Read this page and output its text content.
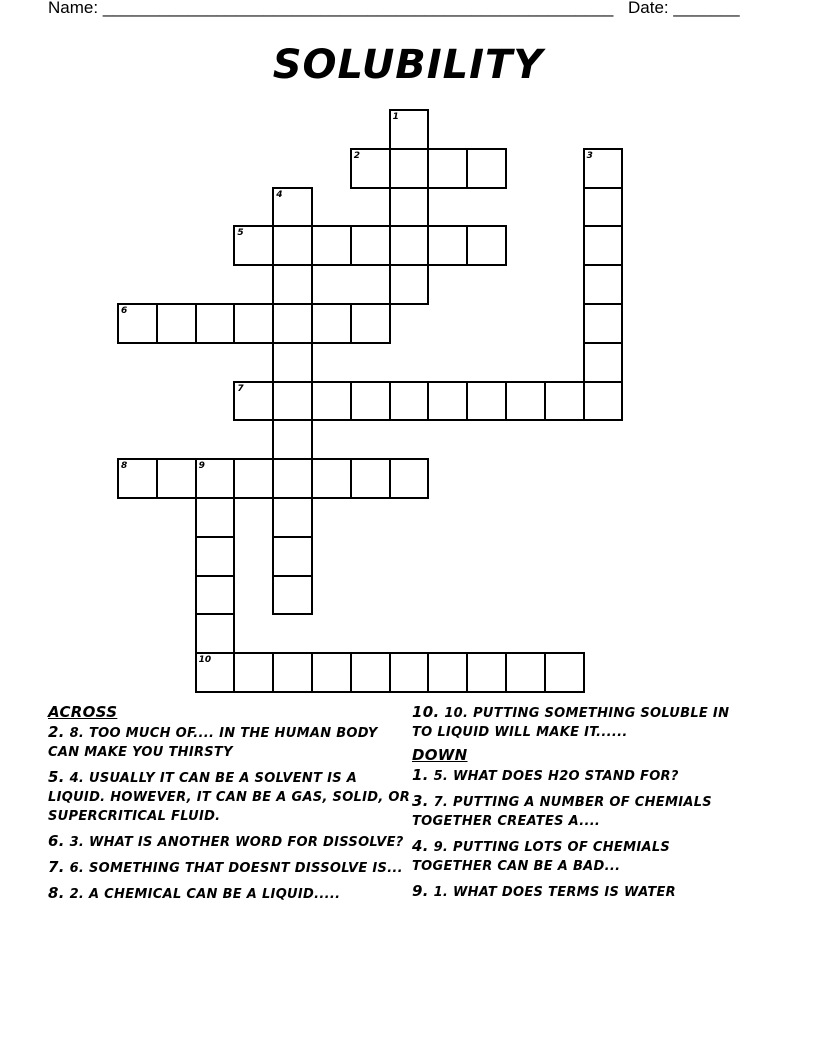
Name: ______________________________________________________ Date: _______
SOLUBILITY
1
2	3
4
5
6
7
8	9
10
ACROSS
2. 8. TOO MUCH OF.... IN THE HUMAN BODY CAN MAKE YOU THIRSTY
5. 4. USUALLY IT CAN BE A SOLVENT IS A LIQUID. HOWEVER, IT CAN BE A GAS, SOLID, OR SUPERCRITICAL FLUID.
6. 3. WHAT IS ANOTHER WORD FOR DISSOLVE?
7. 6. SOMETHING THAT DOESNT DISSOLVE IS...
8. 2. A CHEMICAL CAN BE A LIQUID.....
10. 10. PUTTING SOMETHING SOLUBLE IN TO LIQUID WILL MAKE IT......
DOWN
1. 5. WHAT DOES H2O STAND FOR?
3. 7. PUTTING A NUMBER OF CHEMIALS TOGETHER CREATES A....
4. 9. PUTTING LOTS OF CHEMIALS TOGETHER CAN BE A BAD...
9. 1. WHAT DOES TERMS IS WATER
